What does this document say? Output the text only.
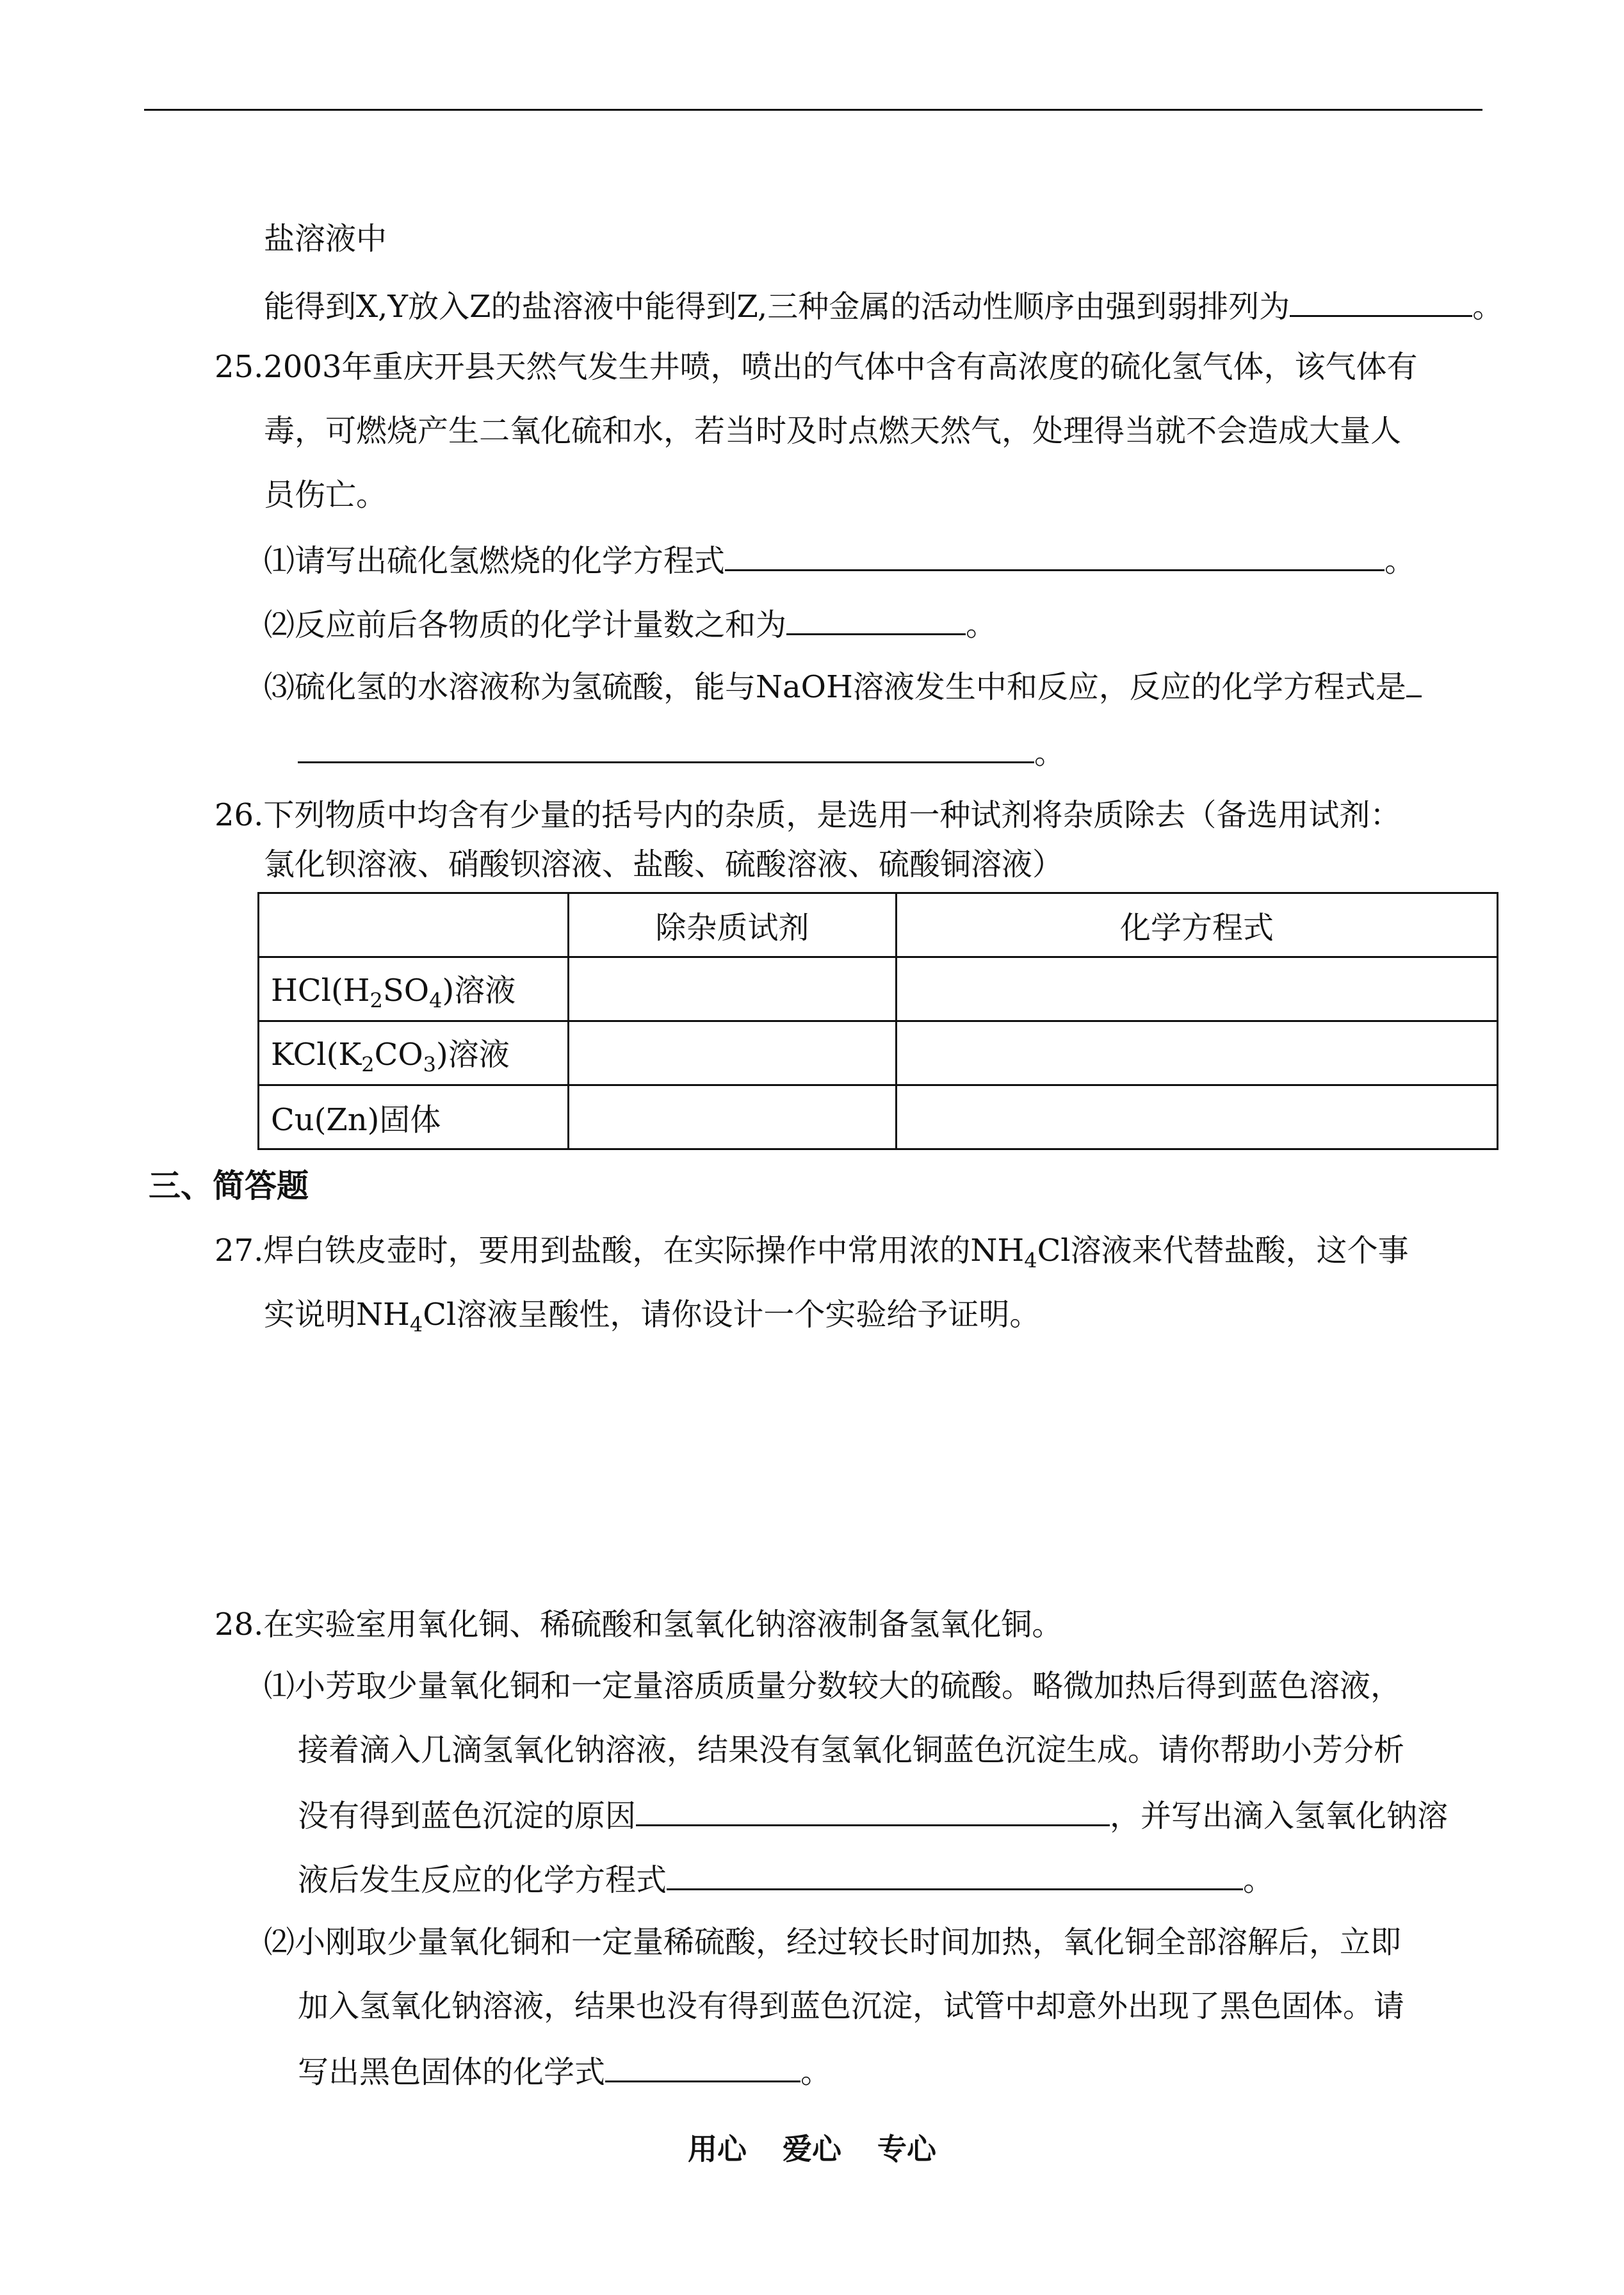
盐溶液中
能得到X,Y放入Z的盐溶液中能得到Z,三种金属的活动性顺序由强到弱排列为	。
25.2003年重庆开县天然气发生井喷，喷出的气体中含有高浓度的硫化氢气体，该气体有
毒，可燃烧产生二氧化硫和水，若当时及时点燃天然气，处理得当就不会造成大量人
员伤亡。
⑴请写出硫化氢燃烧的化学方程式	。
⑵反应前后各物质的化学计量数之和为	。
⑶硫化氢的水溶液称为氢硫酸，能与NaOH溶液发生中和反应，反应的化学方程式是
。
26.下列物质中均含有少量的括号内的杂质，是选用一种试剂将杂质除去（备选用试剂：
氯化钡溶液、硝酸钡溶液、盐酸、硫酸溶液、硫酸铜溶液）
	除杂质试剂	化学方程式
$HCl(H_2SO_4)$溶液		
$KCl(K_2CO_3)$溶液		
Cu(Zn)固体		
三、简答题
27.焊白铁皮壶时，要用到盐酸，在实际操作中常用浓的$NH_4Cl$溶液来代替盐酸，这个事
实说明$NH_4Cl$溶液呈酸性，请你设计一个实验给予证明。
28.在实验室用氧化铜、稀硫酸和氢氧化钠溶液制备氢氧化铜。
⑴小芳取少量氧化铜和一定量溶质质量分数较大的硫酸。略微加热后得到蓝色溶液，
接着滴入几滴氢氧化钠溶液，结果没有氢氧化铜蓝色沉淀生成。请你帮助小芳分析
没有得到蓝色沉淀的原因	，并写出滴入氢氧化钠溶
液后发生反应的化学方程式	。
⑵小刚取少量氧化铜和一定量稀硫酸，经过较长时间加热，氧化铜全部溶解后，立即
加入氢氧化钠溶液，结果也没有得到蓝色沉淀，试管中却意外出现了黑色固体。请
写出黑色固体的化学式	。
用心 爱心 专心
